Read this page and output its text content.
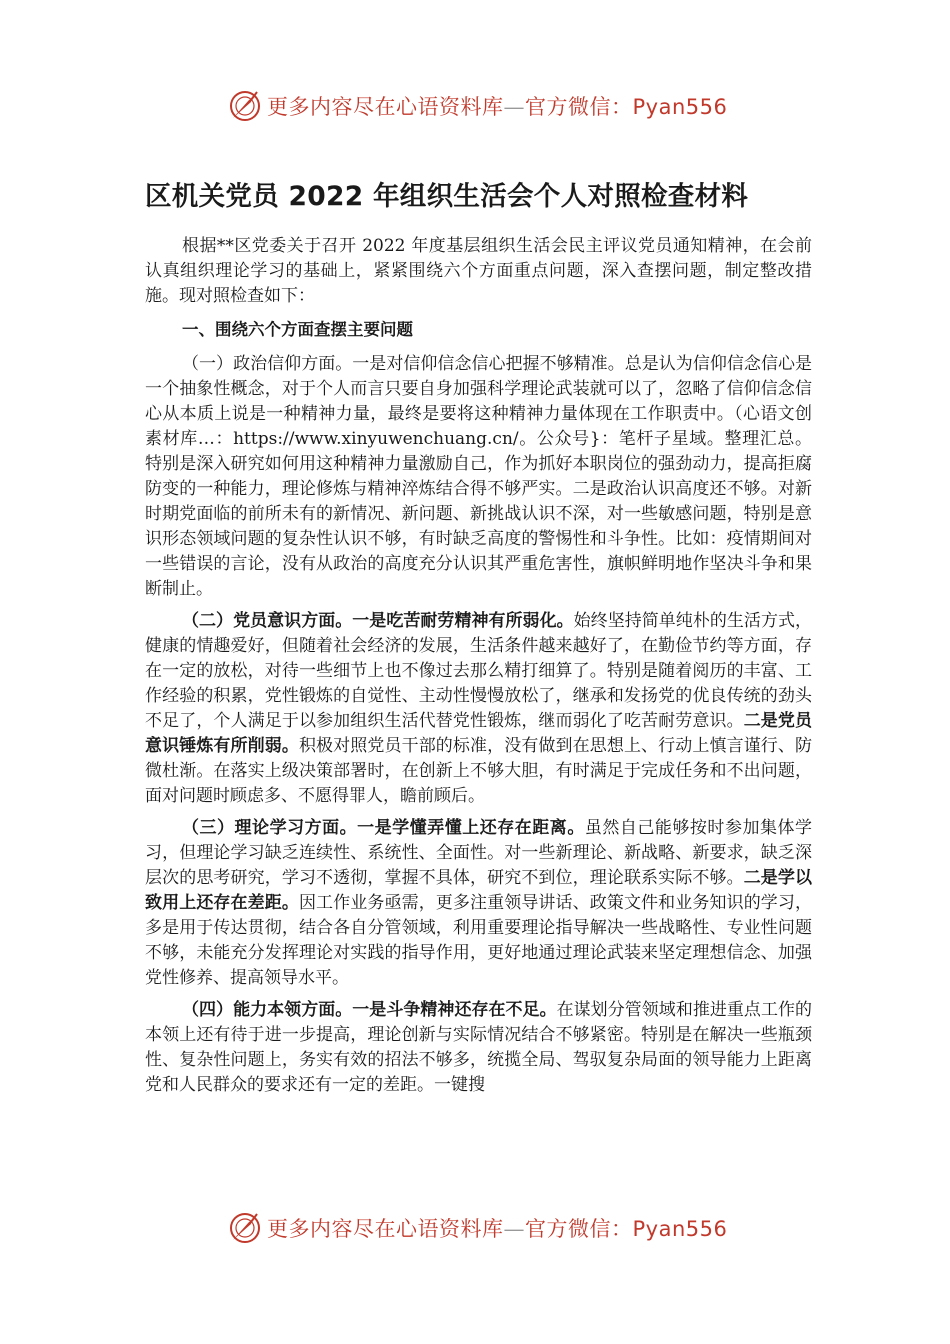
更多内容尽在心语资料库—官方微信：Pyan556
区机关党员 2022 年组织生活会个人对照检查材料

根据**区党委关于召开 2022 年度基层组织生活会民主评议党员通知精神，在会前认真组织理论学习的基础上，紧紧围绕六个方面重点问题，深入查摆问题，制定整改措施。现对照检查如下：

一、围绕六个方面查摆主要问题

（一）政治信仰方面。一是对信仰信念信心把握不够精准。总是认为信仰信念信心是一个抽象性概念，对于个人而言只要自身加强科学理论武装就可以了，忽略了信仰信念信心从本质上说是一种精神力量，最终是要将这种精神力量体现在工作职责中。（心语文创素材库…：https://www.xinyuwenchuang.cn/。公众号}：笔杆子星域。整理汇总。特别是深入研究如何用这种精神力量激励自己，作为抓好本职岗位的强劲动力，提高拒腐防变的一种能力，理论修炼与精神淬炼结合得不够严实。二是政治认识高度还不够。对新时期党面临的前所未有的新情况、新问题、新挑战认识不深，对一些敏感问题，特别是意识形态领域问题的复杂性认识不够，有时缺乏高度的警惕性和斗争性。比如：疫情期间对一些错误的言论，没有从政治的高度充分认识其严重危害性，旗帜鲜明地作坚决斗争和果断制止。

（二）党员意识方面。一是吃苦耐劳精神有所弱化。始终坚持简单纯朴的生活方式，健康的情趣爱好，但随着社会经济的发展，生活条件越来越好了，在勤俭节约等方面，存在一定的放松，对待一些细节上也不像过去那么精打细算了。特别是随着阅历的丰富、工作经验的积累，党性锻炼的自觉性、主动性慢慢放松了，继承和发扬党的优良传统的劲头不足了，个人满足于以参加组织生活代替党性锻炼，继而弱化了吃苦耐劳意识。二是党员意识锤炼有所削弱。积极对照党员干部的标准，没有做到在思想上、行动上慎言谨行、防微杜渐。在落实上级决策部署时，在创新上不够大胆，有时满足于完成任务和不出问题，面对问题时顾虑多、不愿得罪人，瞻前顾后。

（三）理论学习方面。一是学懂弄懂上还存在距离。虽然自己能够按时参加集体学习，但理论学习缺乏连续性、系统性、全面性。对一些新理论、新战略、新要求，缺乏深层次的思考研究，学习不透彻，掌握不具体，研究不到位，理论联系实际不够。二是学以致用上还存在差距。因工作业务亟需，更多注重领导讲话、政策文件和业务知识的学习，多是用于传达贯彻，结合各自分管领域，利用重要理论指导解决一些战略性、专业性问题不够，未能充分发挥理论对实践的指导作用，更好地通过理论武装来坚定理想信念、加强党性修养、提高领导水平。

（四）能力本领方面。一是斗争精神还存在不足。在谋划分管领域和推进重点工作的本领上还有待于进一步提高，理论创新与实际情况结合不够紧密。特别是在解决一些瓶颈性、复杂性问题上，务实有效的招法不够多，统揽全局、驾驭复杂局面的领导能力上距离党和人民群众的要求还有一定的差距。一键搜

更多内容尽在心语资料库—官方微信：Pyan556
